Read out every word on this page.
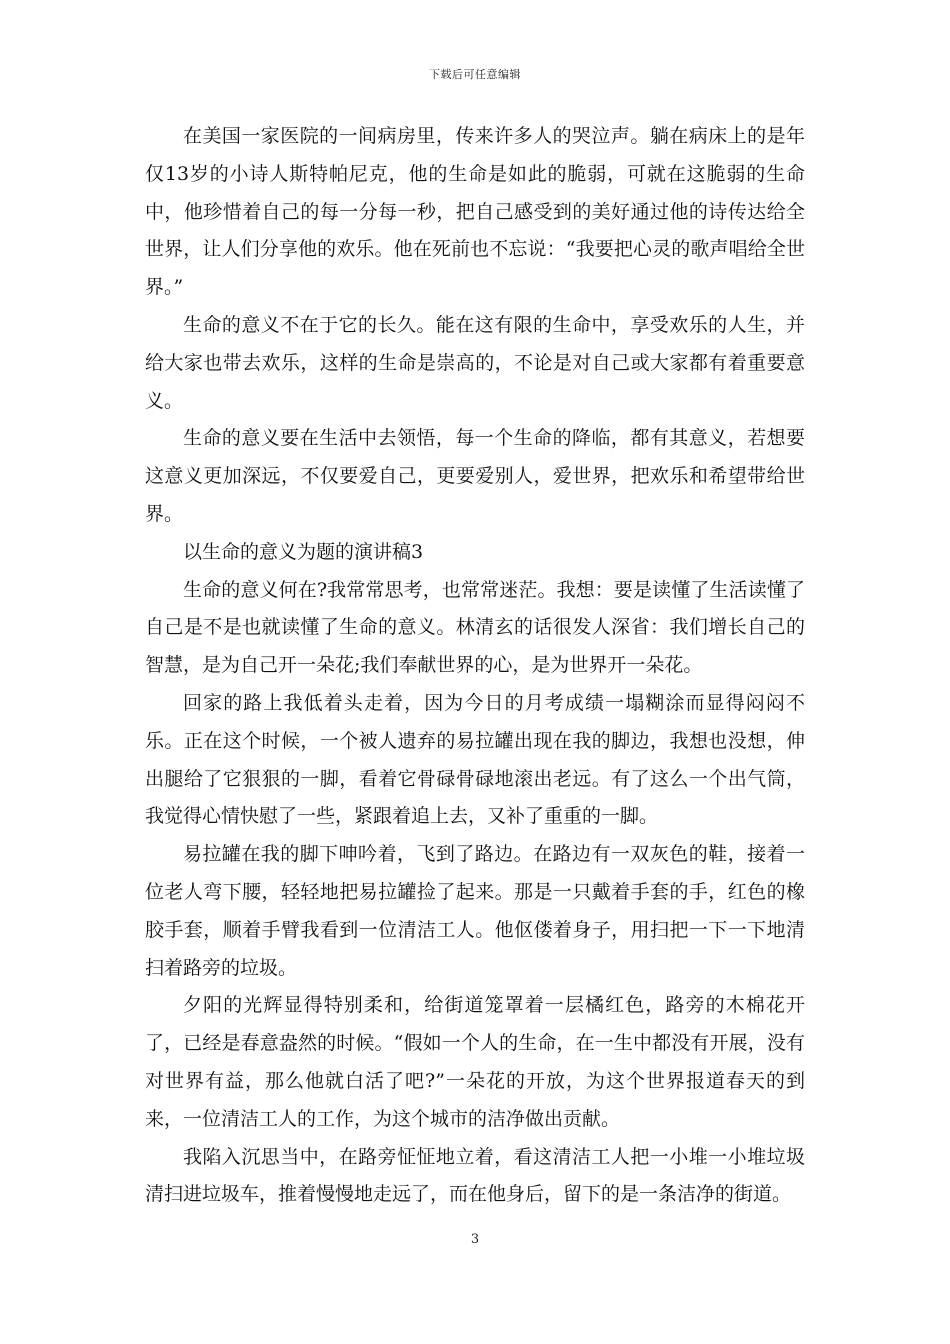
下载后可任意编辑

在美国一家医院的一间病房里，传来许多人的哭泣声。躺在病床上的是年仅13岁的小诗人斯特帕尼克，他的生命是如此的脆弱，可就在这脆弱的生命中，他珍惜着自己的每一分每一秒，把自己感受到的美好通过他的诗传达给全世界，让人们分享他的欢乐。他在死前也不忘说：“我要把心灵的歌声唱给全世界。”

生命的意义不在于它的长久。能在这有限的生命中，享受欢乐的人生，并给大家也带去欢乐，这样的生命是崇高的，不论是对自己或大家都有着重要意义。

生命的意义要在生活中去领悟，每一个生命的降临，都有其意义，若想要这意义更加深远，不仅要爱自己，更要爱别人，爱世界，把欢乐和希望带给世界。

以生命的意义为题的演讲稿3

生命的意义何在?我常常思考，也常常迷茫。我想：要是读懂了生活读懂了自己是不是也就读懂了生命的意义。林清玄的话很发人深省：我们增长自己的智慧，是为自己开一朵花;我们奉献世界的心，是为世界开一朵花。

回家的路上我低着头走着，因为今日的月考成绩一塌糊涂而显得闷闷不乐。正在这个时候，一个被人遗弃的易拉罐出现在我的脚边，我想也没想，伸出腿给了它狠狠的一脚，看着它骨碌骨碌地滚出老远。有了这么一个出气筒，我觉得心情快慰了一些，紧跟着追上去，又补了重重的一脚。

易拉罐在我的脚下呻吟着，飞到了路边。在路边有一双灰色的鞋，接着一位老人弯下腰，轻轻地把易拉罐捡了起来。那是一只戴着手套的手，红色的橡胶手套，顺着手臂我看到一位清洁工人。他伛偻着身子，用扫把一下一下地清扫着路旁的垃圾。

夕阳的光辉显得特别柔和，给街道笼罩着一层橘红色，路旁的木棉花开了，已经是春意盎然的时候。“假如一个人的生命，在一生中都没有开展，没有对世界有益，那么他就白活了吧?”一朵花的开放，为这个世界报道春天的到来，一位清洁工人的工作，为这个城市的洁净做出贡献。

我陷入沉思当中，在路旁怔怔地立着，看这清洁工人把一小堆一小堆垃圾清扫进垃圾车，推着慢慢地走远了，而在他身后，留下的是一条洁净的街道。

3
